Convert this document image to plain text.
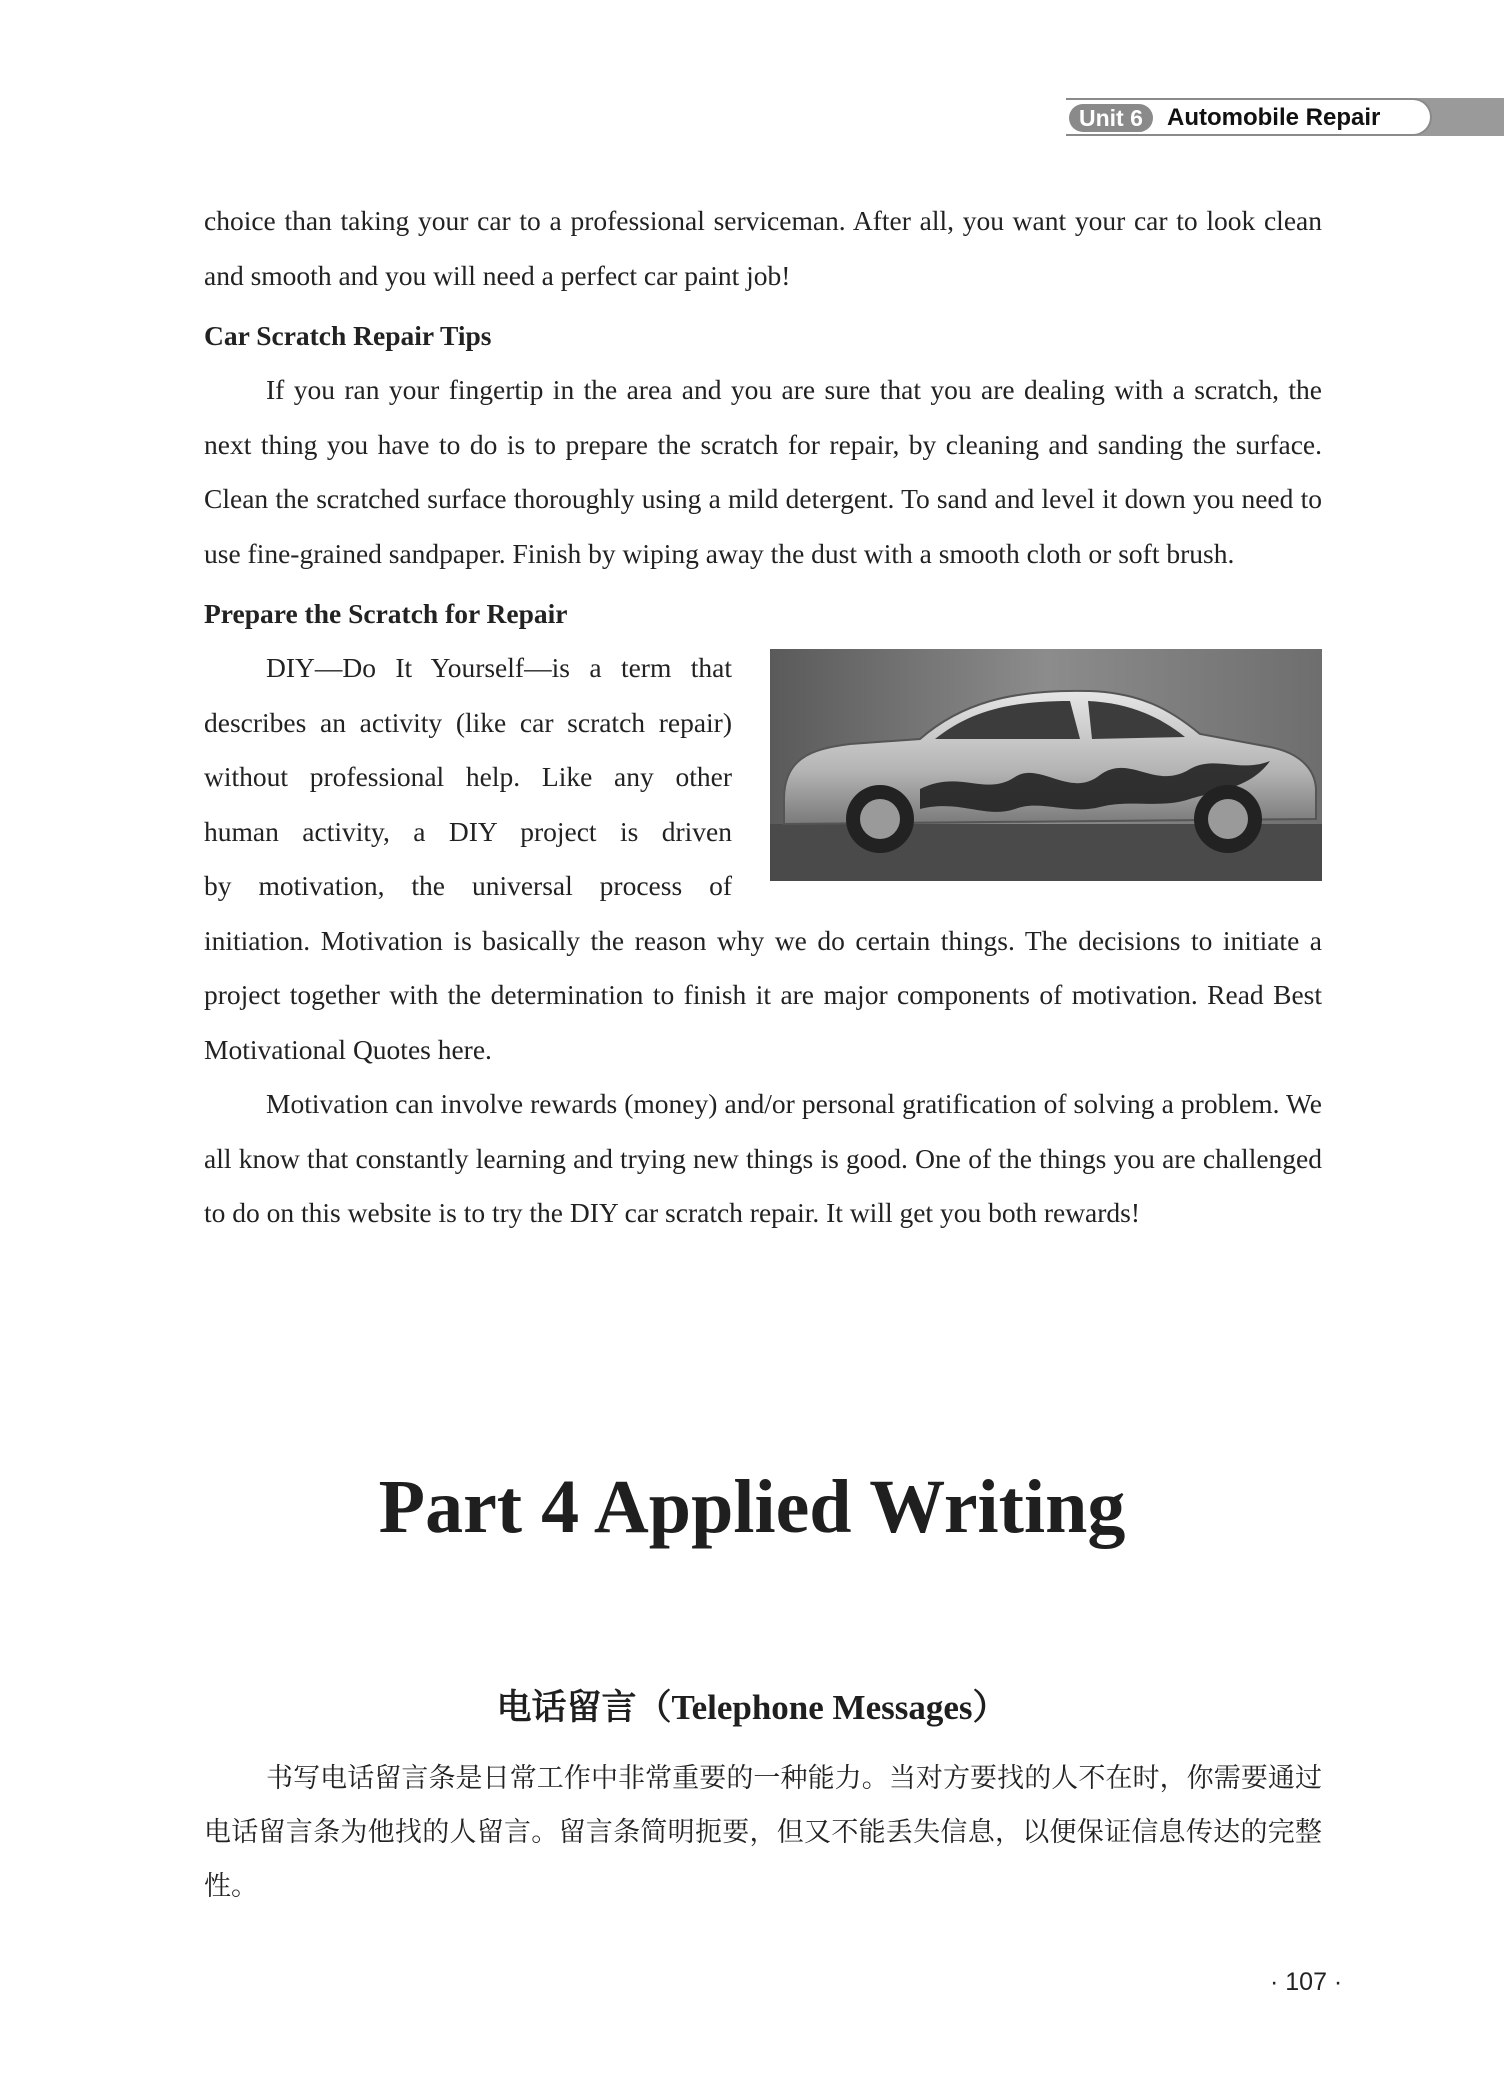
Unit 6	Automobile Repair

choice than taking your car to a professional serviceman. After all, you want your car to look clean and smooth and you will need a perfect car paint job!

Car Scratch Repair Tips

If you ran your fingertip in the area and you are sure that you are dealing with a scratch, the next thing you have to do is to prepare the scratch for repair, by cleaning and sanding the surface. Clean the scratched surface thoroughly using a mild detergent. To sand and level it down you need to use fine-grained sandpaper. Finish by wiping away the dust with a smooth cloth or soft brush.

Prepare the Scratch for Repair

DIY—Do It Yourself—is a term that

describes an activity (like car scratch repair)

without professional help. Like any other

human activity, a DIY project is driven

by motivation, the universal process of

initiation. Motivation is basically the reason why we do certain things. The decisions to initiate a project together with the determination to finish it are major components of motivation. Read Best Motivational Quotes here.

Motivation can involve rewards (money) and/or personal gratification of solving a problem. We all know that constantly learning and trying new things is good. One of the things you are challenged to do on this website is to try the DIY car scratch repair. It will get you both rewards!

Part 4 Applied Writing
电话留言（Telephone Messages）
书写电话留言条是日常工作中非常重要的一种能力。当对方要找的人不在时，你需要通过电话留言条为他找的人留言。留言条简明扼要，但又不能丢失信息，以便保证信息传达的完整性。
· 107 ·
